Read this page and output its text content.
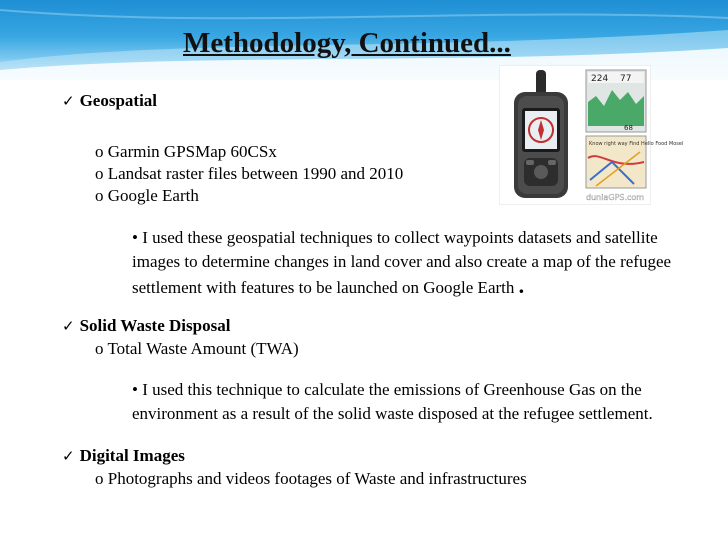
Methodology, Continued...
✓ Geospatial
o Garmin GPSMap 60CSx
o Landsat raster files between 1990 and 2010
o Google Earth
• I used these geospatial techniques to collect waypoints datasets and satellite images to determine changes in land cover and also create a map of the refugee settlement with features to be launched on Google Earth .
✓ Solid Waste Disposal
o Total Waste Amount (TWA)
• I used this technique to calculate the emissions of Greenhouse Gas on the environment as a result of the solid waste disposed at the refugee settlement.
✓ Digital Images
o Photographs and videos footages of Waste and infrastructures
224 77
68
Know right way Find Hello Food Mosel
duniaGPS.com
